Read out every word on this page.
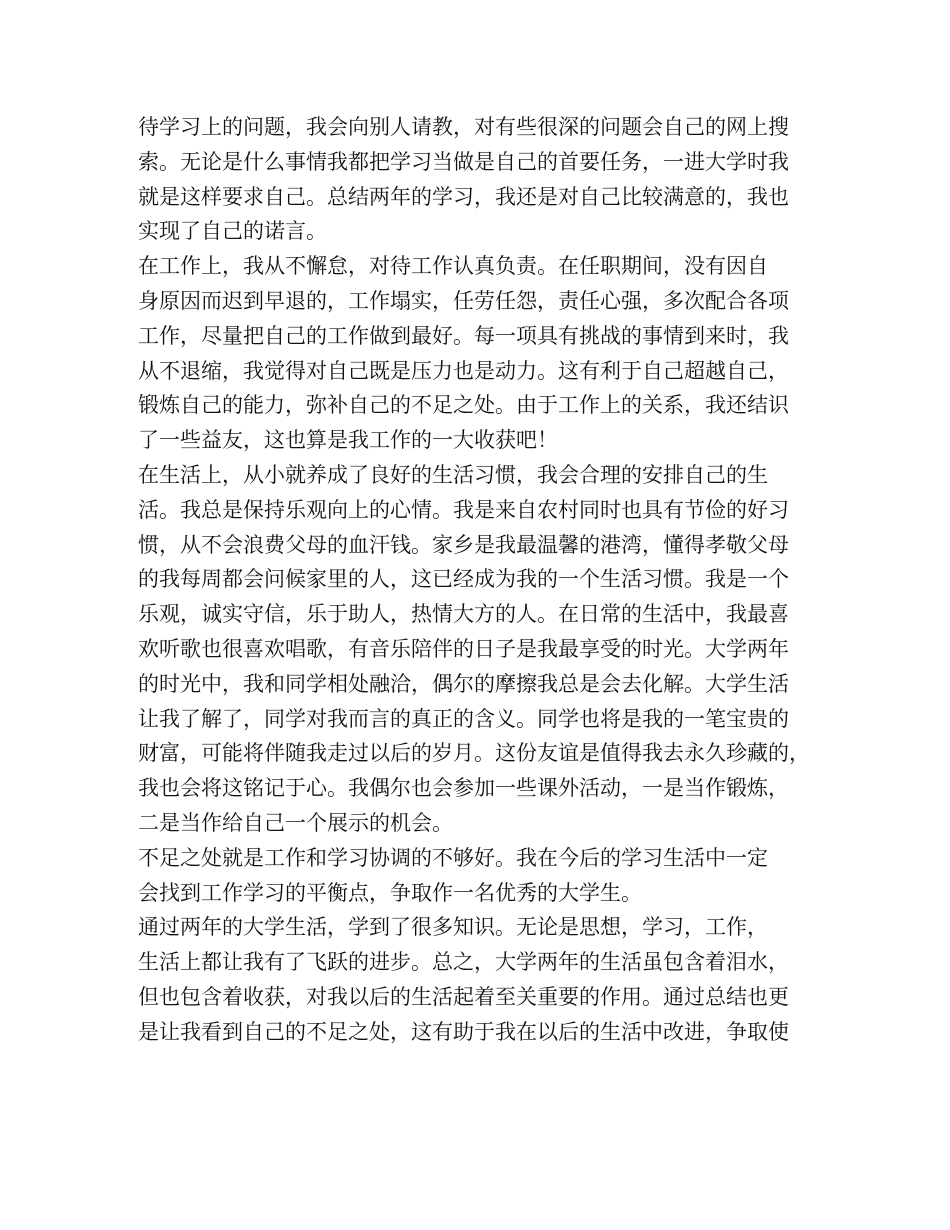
待学习上的问题，我会向别人请教，对有些很深的问题会自己的网上搜
索。无论是什么事情我都把学习当做是自己的首要任务，一进大学时我
就是这样要求自己。总结两年的学习，我还是对自己比较满意的，我也
实现了自己的诺言。
在工作上，我从不懈怠，对待工作认真负责。在任职期间，没有因自
身原因而迟到早退的，工作塌实，任劳任怨，责任心强，多次配合各项
工作，尽量把自己的工作做到最好。每一项具有挑战的事情到来时，我
从不退缩，我觉得对自己既是压力也是动力。这有利于自己超越自己，
锻炼自己的能力，弥补自己的不足之处。由于工作上的关系，我还结识
了一些益友，这也算是我工作的一大收获吧！
在生活上，从小就养成了良好的生活习惯，我会合理的安排自己的生
活。我总是保持乐观向上的心情。我是来自农村同时也具有节俭的好习
惯，从不会浪费父母的血汗钱。家乡是我最温馨的港湾，懂得孝敬父母
的我每周都会问候家里的人，这已经成为我的一个生活习惯。我是一个
乐观，诚实守信，乐于助人，热情大方的人。在日常的生活中，我最喜
欢听歌也很喜欢唱歌，有音乐陪伴的日子是我最享受的时光。大学两年
的时光中，我和同学相处融洽，偶尔的摩擦我总是会去化解。大学生活
让我了解了，同学对我而言的真正的含义。同学也将是我的一笔宝贵的
财富，可能将伴随我走过以后的岁月。这份友谊是值得我去永久珍藏的，
我也会将这铭记于心。我偶尔也会参加一些课外活动，一是当作锻炼，
二是当作给自己一个展示的机会。
不足之处就是工作和学习协调的不够好。我在今后的学习生活中一定
会找到工作学习的平衡点，争取作一名优秀的大学生。
通过两年的大学生活，学到了很多知识。无论是思想，学习，工作，
生活上都让我有了飞跃的进步。总之，大学两年的生活虽包含着泪水，
但也包含着收获，对我以后的生活起着至关重要的作用。通过总结也更
是让我看到自己的不足之处，这有助于我在以后的生活中改进，争取使
